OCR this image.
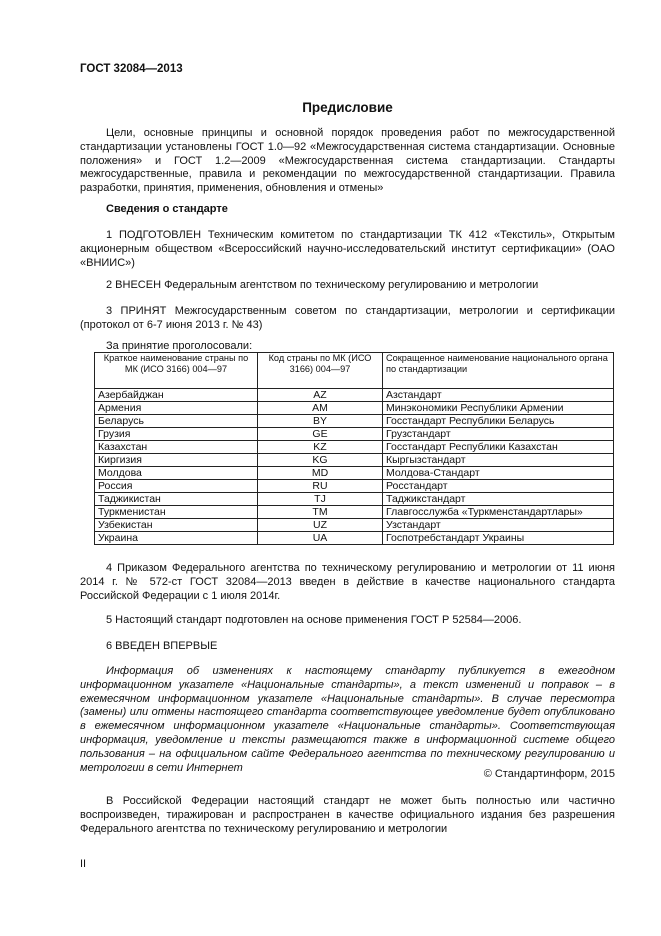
ГОСТ 32084—2013
Предисловие
Цели, основные принципы и основной порядок проведения работ по межгосударственной стандартизации установлены ГОСТ 1.0—92 «Межгосударственная система стандартизации. Основные положения» и ГОСТ 1.2—2009 «Межгосударственная система стандартизации. Стандарты межгосударственные, правила и рекомендации по межгосударственной стандартизации. Правила разработки, принятия, применения, обновления и отмены»
Сведения о стандарте
1 ПОДГОТОВЛЕН Техническим комитетом по стандартизации ТК 412 «Текстиль», Открытым акционерным обществом «Всероссийский научно-исследовательский институт сертификации» (ОАО «ВНИИС»)
2 ВНЕСЕН Федеральным агентством по техническому регулированию и метрологии
3 ПРИНЯТ Межгосударственным советом по стандартизации, метрологии и сертификации (протокол от 6-7 июня 2013 г. № 43)
За принятие проголосовали:
Краткое наименование страны по МК (ИСО 3166) 004—97	Код страны по МК (ИСО 3166) 004—97	Сокращенное наименование национального органа по стандартизации
Азербайджан	AZ	Азстандарт
Армения	AM	Минэкономики Республики Армении
Беларусь	BY	Госстандарт Республики Беларусь
Грузия	GE	Грузстандарт
Казахстан	KZ	Госстандарт Республики Казахстан
Киргизия	KG	Кыргызстандарт
Молдова	MD	Молдова-Стандарт
Россия	RU	Росстандарт
Таджикистан	TJ	Таджикстандарт
Туркменистан	TM	Главгосслужба «Туркменстандартлары»
Узбекистан	UZ	Узстандарт
Украина	UA	Госпотребстандарт Украины
4 Приказом Федерального агентства по техническому регулированию и метрологии от 11 июня 2014 г. № 572-ст ГОСТ 32084—2013 введен в действие в качестве национального стандарта Российской Федерации с 1 июля 2014г.
5 Настоящий стандарт подготовлен на основе применения ГОСТ Р 52584—2006.
6 ВВЕДЕН ВПЕРВЫЕ
Информация об изменениях к настоящему стандарту публикуется в ежегодном информационном указателе «Национальные стандарты», а текст изменений и поправок – в ежемесячном информационном указателе «Национальные стандарты». В случае пересмотра (замены) или отмены настоящего стандарта соответствующее уведомление будет опубликовано в ежемесячном информационном указателе «Национальные стандарты». Соответствующая информация, уведомление и тексты размещаются также в информационной системе общего пользования – на официальном сайте Федерального агентства по техническому регулированию и метрологии в сети Интернет
© Стандартинформ, 2015
В Российской Федерации настоящий стандарт не может быть полностью или частично воспроизведен, тиражирован и распространен в качестве официального издания без разрешения Федерального агентства по техническому регулированию и метрологии
II
